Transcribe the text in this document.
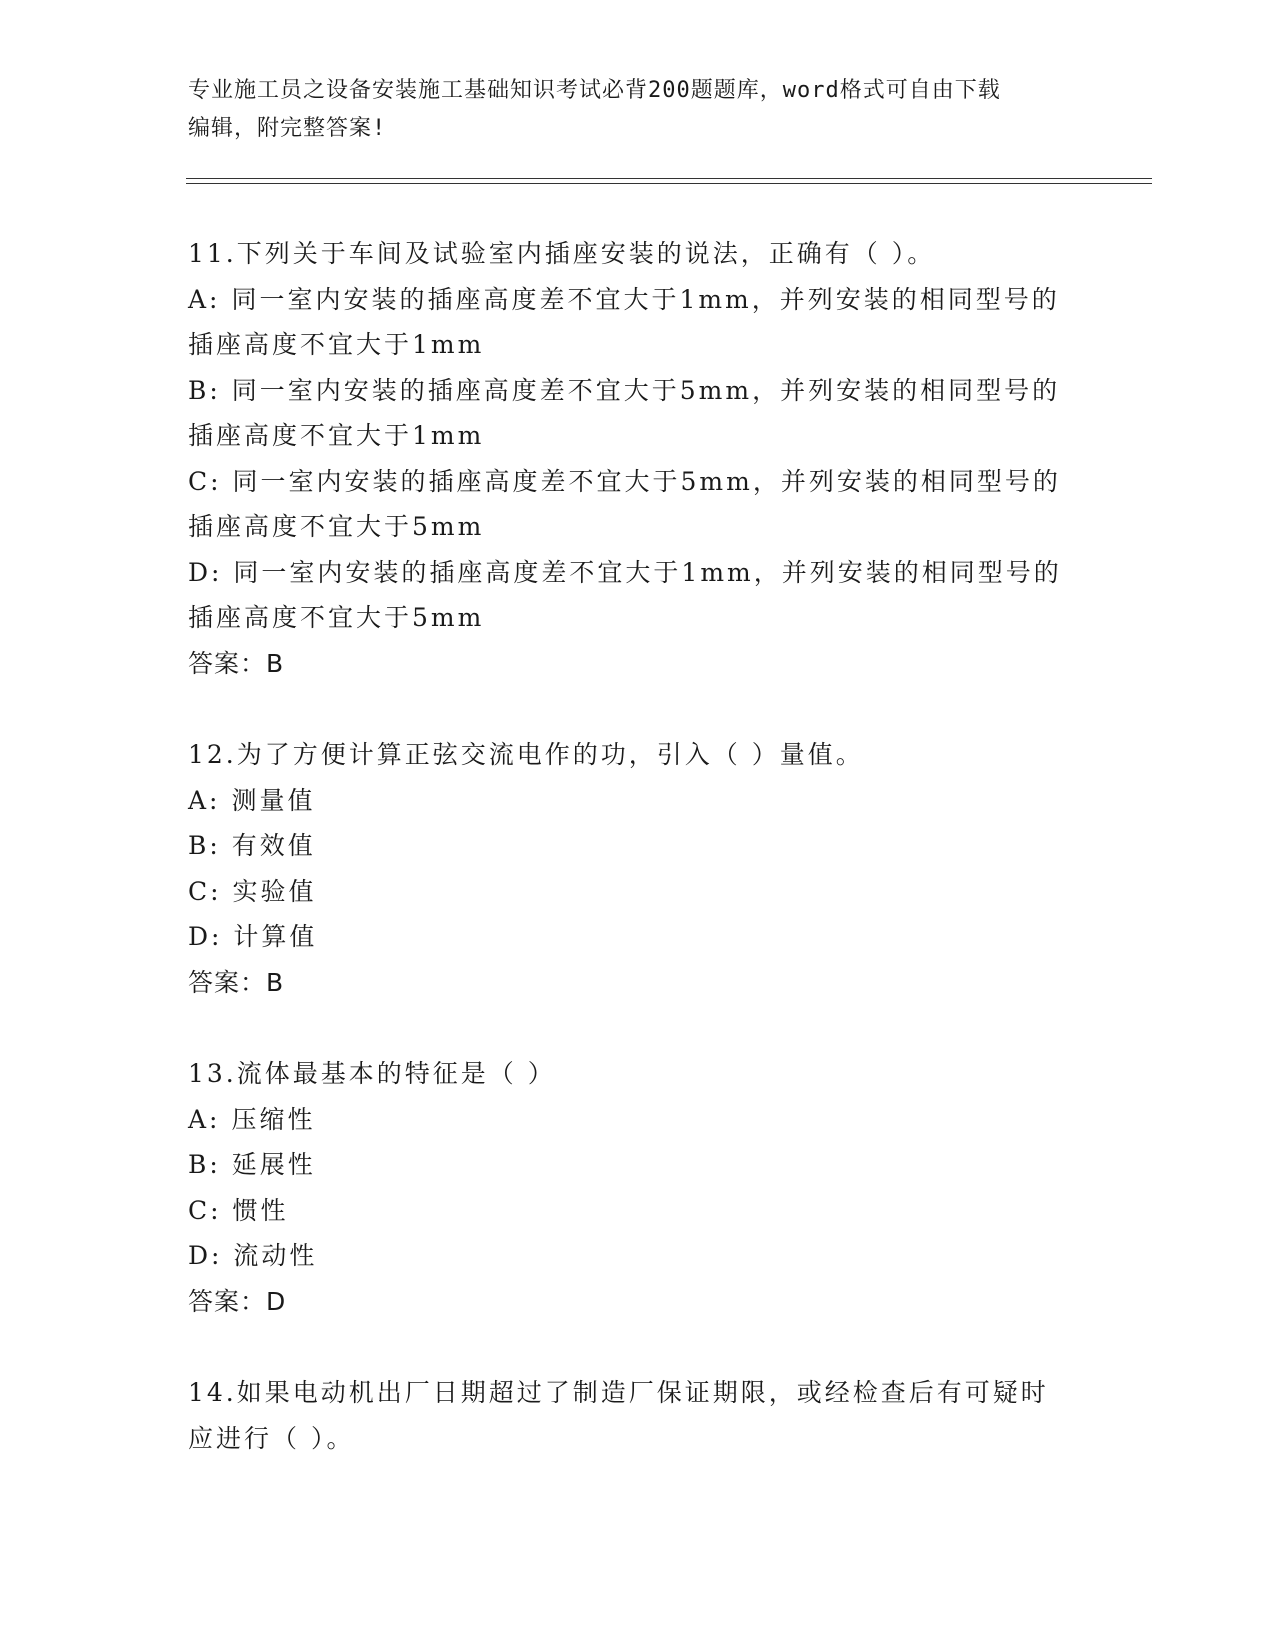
专业施工员之设备安装施工基础知识考试必背200题题库，word格式可自由下载
编辑，附完整答案!
11.下列关于车间及试验室内插座安装的说法，正确有（ ）。
A: 同一室内安装的插座高度差不宜大于1mm，并列安装的相同型号的
插座高度不宜大于1mm
B: 同一室内安装的插座高度差不宜大于5mm，并列安装的相同型号的
插座高度不宜大于1mm
C: 同一室内安装的插座高度差不宜大于5mm，并列安装的相同型号的
插座高度不宜大于5mm
D: 同一室内安装的插座高度差不宜大于1mm，并列安装的相同型号的
插座高度不宜大于5mm
答案：B
12.为了方便计算正弦交流电作的功，引入（ ）量值。
A: 测量值
B: 有效值
C: 实验值
D: 计算值
答案：B
13.流体最基本的特征是（ ）
A: 压缩性
B: 延展性
C: 惯性
D: 流动性
答案：D
14.如果电动机出厂日期超过了制造厂保证期限，或经检查后有可疑时
应进行（ ）。
